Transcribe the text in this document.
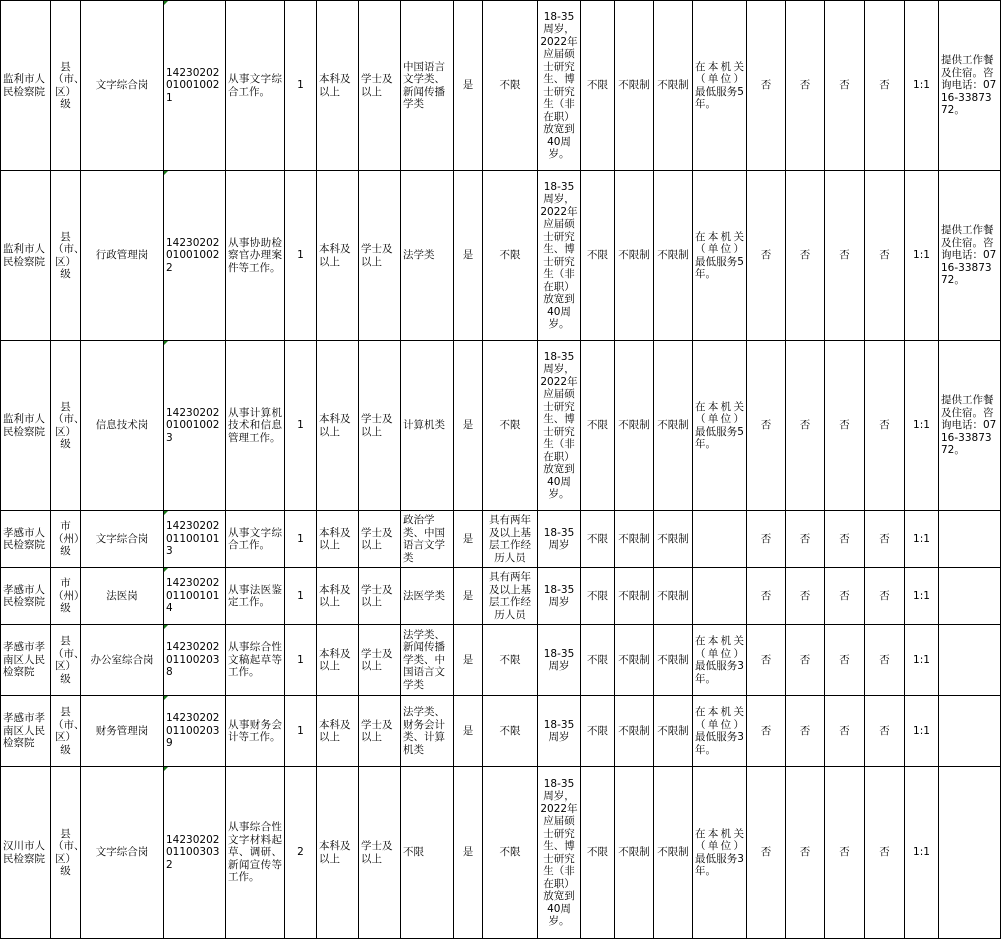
监利市人民检察院	县（市、区）级	文字综合岗	14230202010010021	从事文字综合工作。	1	本科及以上	学士及以上	中国语言文学类、新闻传播学类	是	不限	18-35周岁，2022年应届硕士研究生、博士研究生（非在职）放宽到40周岁。	不限	不限制	不限制	在本机关（单位）最低服务5年。	否	否	否	否	1:1	提供工作餐及住宿。咨询电话：0716-3387372。
监利市人民检察院	县（市、区）级	行政管理岗	14230202010010022	从事协助检察官办理案件等工作。	1	本科及以上	学士及以上	法学类	是	不限	18-35周岁，2022年应届硕士研究生、博士研究生（非在职）放宽到40周岁。	不限	不限制	不限制	在本机关（单位）最低服务5年。	否	否	否	否	1:1	提供工作餐及住宿。咨询电话：0716-3387372。
监利市人民检察院	县（市、区）级	信息技术岗	14230202010010023	从事计算机技术和信息管理工作。	1	本科及以上	学士及以上	计算机类	是	不限	18-35周岁，2022年应届硕士研究生、博士研究生（非在职）放宽到40周岁。	不限	不限制	不限制	在本机关（单位）最低服务5年。	否	否	否	否	1:1	提供工作餐及住宿。咨询电话：0716-3387372。
孝感市人民检察院	市（州）级	文字综合岗	14230202011001013	从事文字综合工作。	1	本科及以上	学士及以上	政治学类、中国语言文学类	是	具有两年及以上基层工作经历人员	18-35周岁	不限	不限制	不限制		否	否	否	否	1:1	
孝感市人民检察院	市（州）级	法医岗	14230202011001014	从事法医鉴定工作。	1	本科及以上	学士及以上	法医学类	是	具有两年及以上基层工作经历人员	18-35周岁	不限	不限制	不限制		否	否	否	否	1:1	
孝感市孝南区人民检察院	县（市、区）级	办公室综合岗	14230202011002038	从事综合性文稿起草等工作。	1	本科及以上	学士及以上	法学类、新闻传播学类、中国语言文学类	是	不限	18-35周岁	不限	不限制	不限制	在本机关（单位）最低服务3年。	否	否	否	否	1:1	
孝感市孝南区人民检察院	县（市、区）级	财务管理岗	14230202011002039	从事财务会计等工作。	1	本科及以上	学士及以上	法学类、财务会计类、计算机类	是	不限	18-35周岁	不限	不限制	不限制	在本机关（单位）最低服务3年。	否	否	否	否	1:1	
汉川市人民检察院	县（市、区）级	文字综合岗	14230202011003032	从事综合性文字材料起草、调研、新闻宣传等工作。	2	本科及以上	学士及以上	不限	是	不限	18-35周岁，2022年应届硕士研究生、博士研究生（非在职）放宽到40周岁。	不限	不限制	不限制	在本机关（单位）最低服务3年。	否	否	否	否	1:1	
